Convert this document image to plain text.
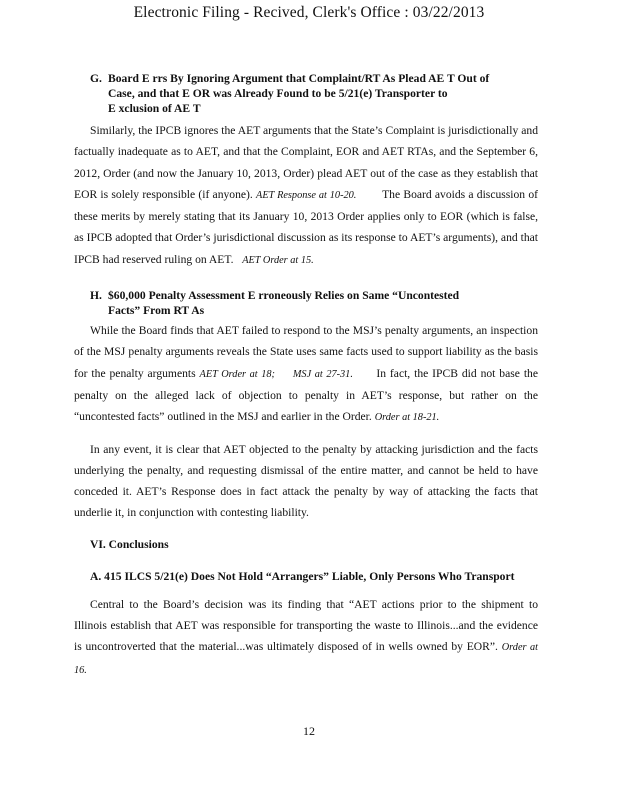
Electronic Filing - Recived, Clerk's Office : 03/22/2013
G. Board E rrs By Ignoring Argument that Complaint/RT As Plead AE T Out of
Case, and that E OR was Already Found to be 5/21(e) Transporter to
E xclusion of AE T

Similarly, the IPCB ignores the AET arguments that the State’s Complaint is jurisdictionally and factually inadequate as to AET, and that the Complaint, EOR and AET RTAs, and the September 6, 2012, Order (and now the January 10, 2013, Order) plead AET out of the case as they establish that EOR is solely responsible (if anyone). AET Response at 10-20.        The Board avoids a discussion of these merits by merely stating that its January 10, 2013 Order applies only to EOR (which is false, as IPCB adopted that Order’s jurisdictional discussion as its response to AET’s arguments), and that IPCB had reserved ruling on AET.   AET Order at 15.

H. $60,000 Penalty Assessment E rroneously Relies on Same “Uncontested
Facts” From RT As

While the Board finds that AET failed to respond to the MSJ’s penalty arguments, an inspection of the MSJ penalty arguments reveals the State uses same facts used to support liability as the basis for the penalty arguments AET Order at 18;     MSJ at 27-31.      In fact, the IPCB did not base the penalty on the alleged lack of objection to penalty in AET’s response, but rather on the “uncontested facts” outlined in the MSJ and earlier in the Order. Order at 18-21.

In any event, it is clear that AET objected to the penalty by attacking jurisdiction and the facts underlying the penalty, and requesting dismissal of the entire matter, and cannot be held to have conceded it. AET’s Response does in fact attack the penalty by way of attacking the facts that underlie it, in conjunction with contesting liability.

VI. Conclusions
A. 415 ILCS 5/21(e) Does Not Hold “Arrangers” Liable, Only Persons Who Transport

Central to the Board’s decision was its finding that “AET actions prior to the shipment to Illinois establish that AET was responsible for transporting the waste to Illinois...and the evidence is uncontroverted that the material...was ultimately disposed of in wells owned by EOR”. Order at 16.

12
